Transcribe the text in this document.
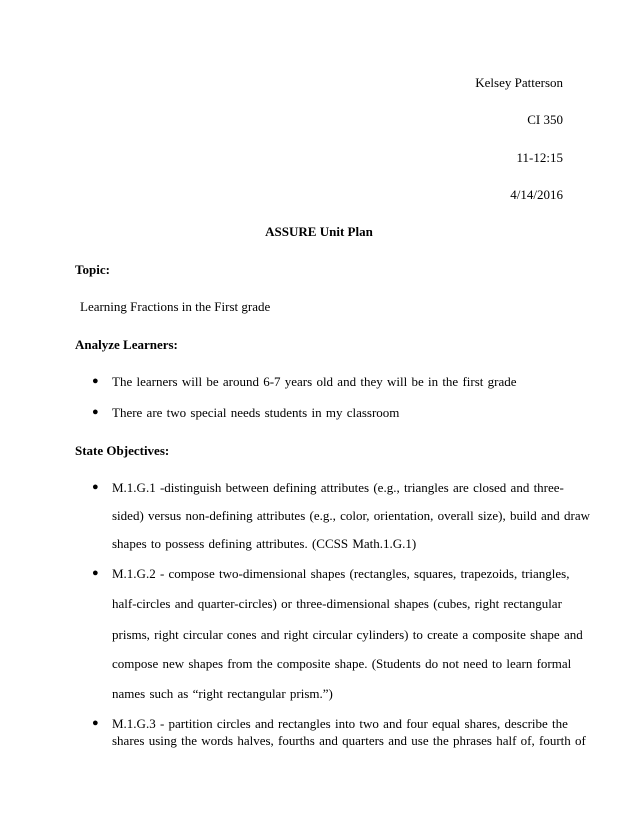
Kelsey Patterson

CI 350

11-12:15

4/14/2016

ASSURE Unit Plan

Topic:

Learning Fractions in the First grade

Analyze Learners:

● The learners will be around 6-7 years old and they will be in the first grade

● There are two special needs students in my classroom

State Objectives:

● M.1.G.1 -distinguish between defining attributes (e.g., triangles are closed and three-

sided) versus non-defining attributes (e.g., color, orientation, overall size), build and draw

shapes to possess defining attributes. (CCSS Math.1.G.1)

● M.1.G.2 - compose two-dimensional shapes (rectangles, squares, trapezoids, triangles,

half-circles and quarter-circles) or three-dimensional shapes (cubes, right rectangular

prisms, right circular cones and right circular cylinders) to create a composite shape and

compose new shapes from the composite shape. (Students do not need to learn formal

names such as “right rectangular prism.”)

● M.1.G.3 - partition circles and rectangles into two and four equal shares, describe the

shares using the words halves, fourths and quarters and use the phrases half of, fourth of
